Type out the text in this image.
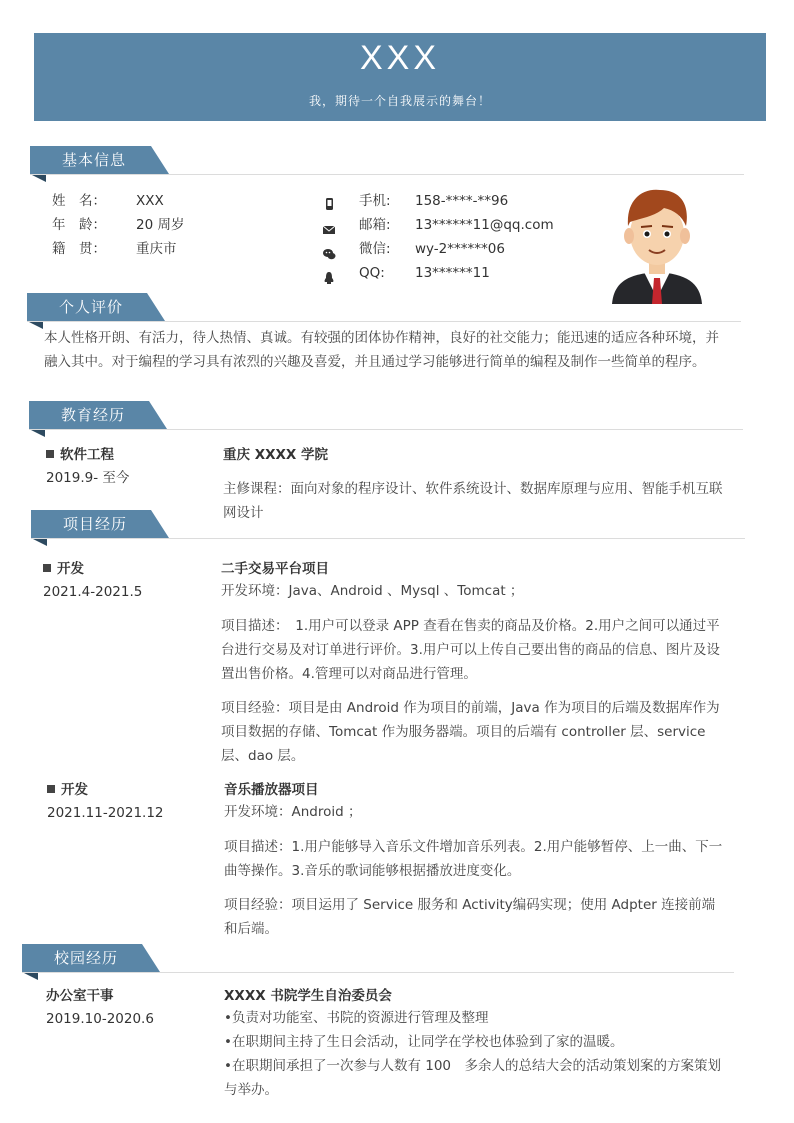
XXX
我，期待一个自我展示的舞台！
基本信息
姓　名： XXX
年　龄： 20 周岁
籍　贯： 重庆市
手机: 158-****-**96
邮箱: 13******11@qq.com
微信: wy-2******06
QQ: 13******11
个人评价
本人性格开朗、有活力，待人热情、真诚。有较强的团体协作精神，良好的社交能力；能迅速的适应各种环境，并融入其中。对于编程的学习具有浓烈的兴趣及喜爱，并且通过学习能够进行简单的编程及制作一些简单的程序。
教育经历
软件工程
2019.9- 至今
重庆 XXXX 学院
主修课程：面向对象的程序设计、软件系统设计、数据库原理与应用、智能手机互联网设计
项目经历
开发
2021.4-2021.5
二手交易平台项目
开发环境：Java、Android 、Mysql 、Tomcat ；
项目描述：　1.用户可以登录 APP 查看在售卖的商品及价格。2.用户之间可以通过平台进行交易及对订单进行评价。3.用户可以上传自己要出售的商品的信息、图片及设置出售价格。4.管理可以对商品进行管理。
项目经验：项目是由 Android 作为项目的前端，Java 作为项目的后端及数据库作为项目数据的存储、Tomcat 作为服务器端。项目的后端有 controller 层、service 层、dao 层。
开发
2021.11-2021.12
音乐播放器项目
开发环境：Android ；
项目描述：1.用户能够导入音乐文件增加音乐列表。2.用户能够暂停、上一曲、下一曲等操作。3.音乐的歌词能够根据播放进度变化。
项目经验：项目运用了 Service 服务和 Activity编码实现；使用 Adpter 连接前端和后端。
校园经历
办公室干事
2019.10-2020.6
XXXX 书院学生自治委员会
•负责对功能室、书院的资源进行管理及整理
•在职期间主持了生日会活动，让同学在学校也体验到了家的温暖。
•在职期间承担了一次参与人数有 100　多余人的总结大会的活动策划案的方案策划与举办。
